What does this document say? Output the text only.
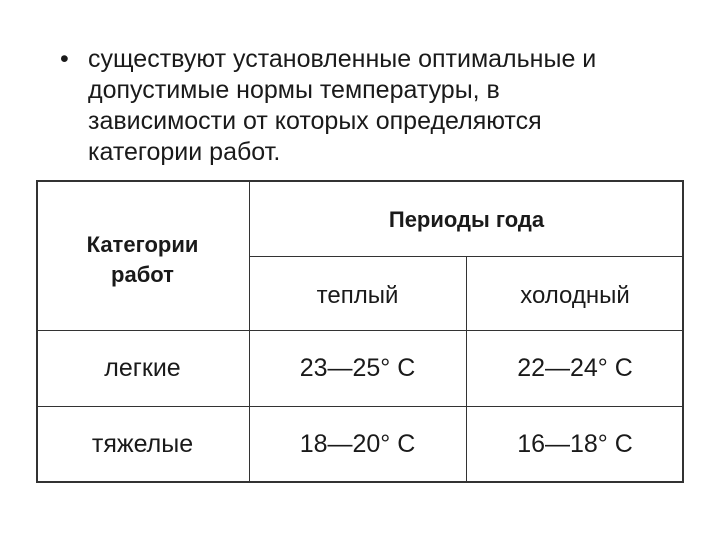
• существуют установленные оптимальные и
допустимые нормы температуры, в
зависимости от которых определяются
категории работ.
Категории
работ
Периоды года
теплый	холодный
легкие	23—25° С	22—24° С
тяжелые	18—20° С	16—18° С
